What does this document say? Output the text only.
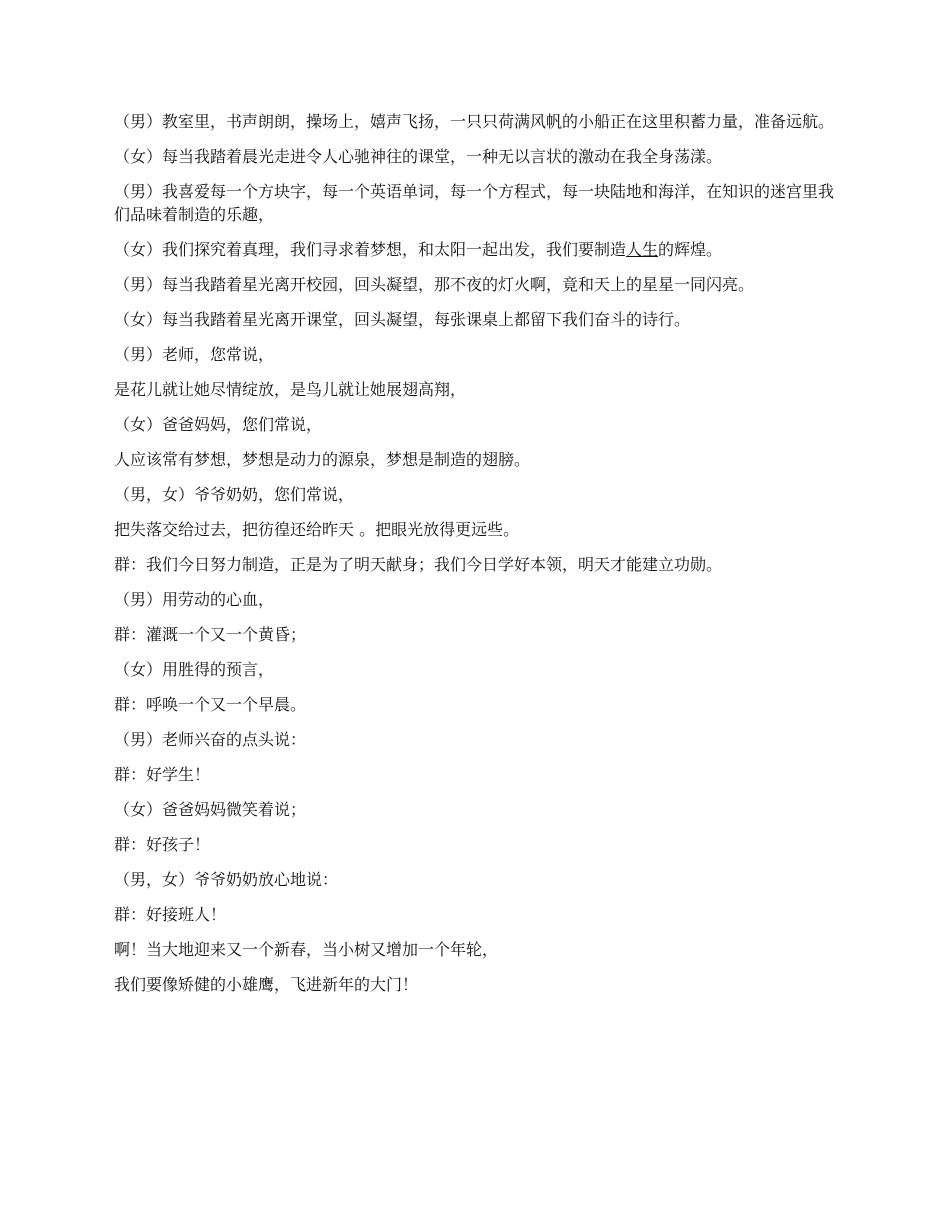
（男）教室里，书声朗朗，操场上，嬉声飞扬，一只只荷满风帆的小船正在这里积蓄力量，准备远航。

（女）每当我踏着晨光走进令人心驰神往的课堂，一种无以言状的激动在我全身荡漾。

（男）我喜爱每一个方块字，每一个英语单词，每一个方程式，每一块陆地和海洋，在知识的迷宫里我们品味着制造的乐趣，

（女）我们探究着真理，我们寻求着梦想，和太阳一起出发，我们要制造人生的辉煌。

（男）每当我踏着星光离开校园，回头凝望，那不夜的灯火啊，竟和天上的星星一同闪亮。

（女）每当我踏着星光离开课堂，回头凝望，每张课桌上都留下我们奋斗的诗行。

（男）老师，您常说，

是花儿就让她尽情绽放，是鸟儿就让她展翅高翔，

（女）爸爸妈妈，您们常说，

人应该常有梦想，梦想是动力的源泉，梦想是制造的翅膀。

（男，女）爷爷奶奶，您们常说，

把失落交给过去，把彷徨还给昨天 。把眼光放得更远些。

群：我们今日努力制造，正是为了明天献身；我们今日学好本领，明天才能建立功勋。

（男）用劳动的心血，

群：灌溉一个又一个黄昏；

（女）用胜得的预言，

群：呼唤一个又一个早晨。

（男）老师兴奋的点头说：

群：好学生！

（女）爸爸妈妈微笑着说；

群：好孩子！

（男，女）爷爷奶奶放心地说：

群：好接班人！

啊！当大地迎来又一个新春，当小树又增加一个年轮，

我们要像矫健的小雄鹰，飞进新年的大门！
